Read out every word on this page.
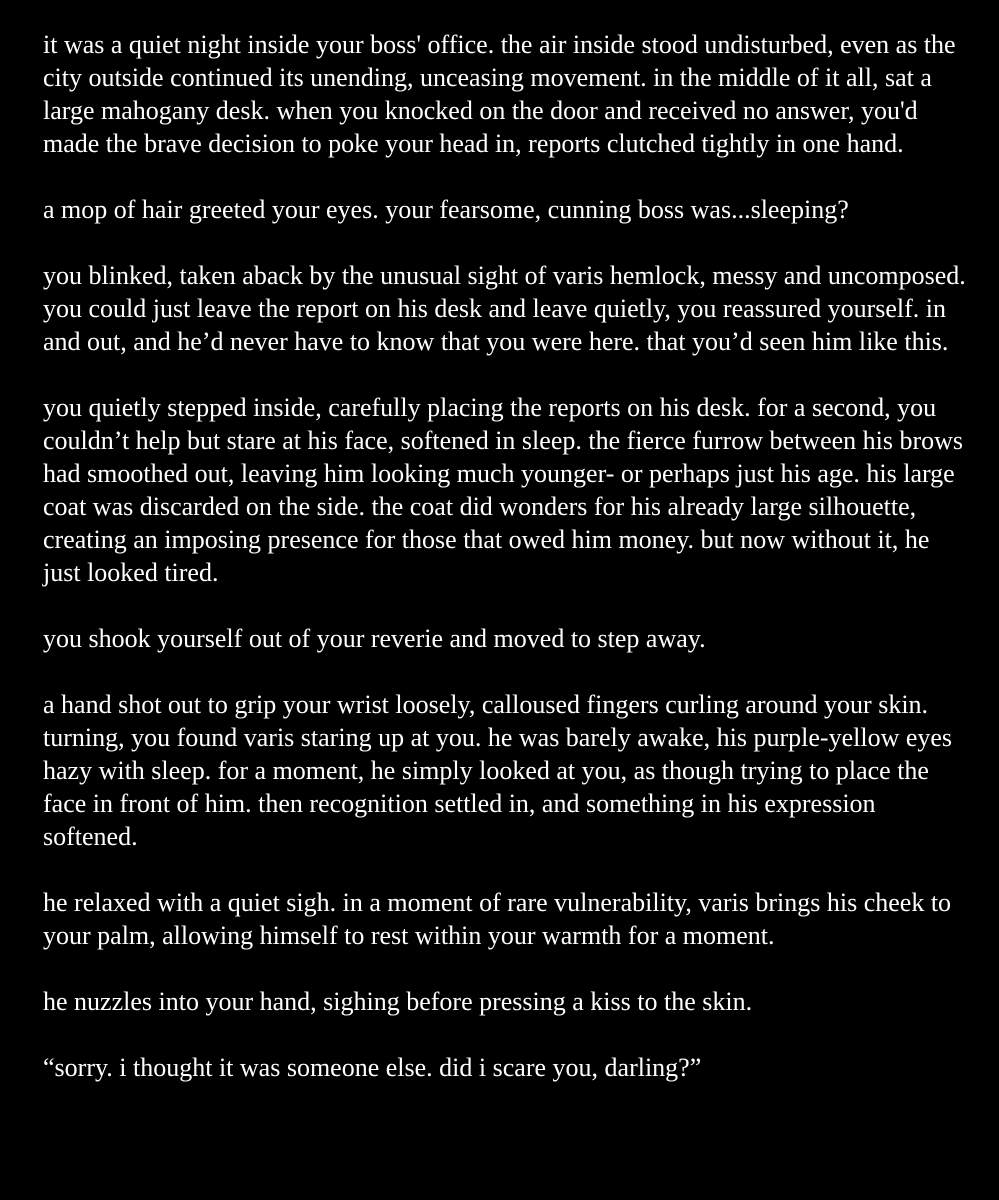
it was a quiet night inside your boss' office. the air inside stood undisturbed, even as the city outside continued its unending, unceasing movement. in the middle of it all, sat a large mahogany desk. when you knocked on the door and received no answer, you'd made the brave decision to poke your head in, reports clutched tightly in one hand.

a mop of hair greeted your eyes. your fearsome, cunning boss was...sleeping?

you blinked, taken aback by the unusual sight of varis hemlock, messy and uncomposed. you could just leave the report on his desk and leave quietly, you reassured yourself. in and out, and he’d never have to know that you were here. that you’d seen him like this.

you quietly stepped inside, carefully placing the reports on his desk. for a second, you couldn’t help but stare at his face, softened in sleep. the fierce furrow between his brows had smoothed out, leaving him looking much younger- or perhaps just his age. his large coat was discarded on the side. the coat did wonders for his already large silhouette, creating an imposing presence for those that owed him money. but now without it, he just looked tired.

you shook yourself out of your reverie and moved to step away.

a hand shot out to grip your wrist loosely, calloused fingers curling around your skin. turning, you found varis staring up at you. he was barely awake, his purple-yellow eyes hazy with sleep. for a moment, he simply looked at you, as though trying to place the face in front of him. then recognition settled in, and something in his expression softened.

he relaxed with a quiet sigh. in a moment of rare vulnerability, varis brings his cheek to your palm, allowing himself to rest within your warmth for a moment.

he nuzzles into your hand, sighing before pressing a kiss to the skin.

“sorry. i thought it was someone else. did i scare you, darling?”
